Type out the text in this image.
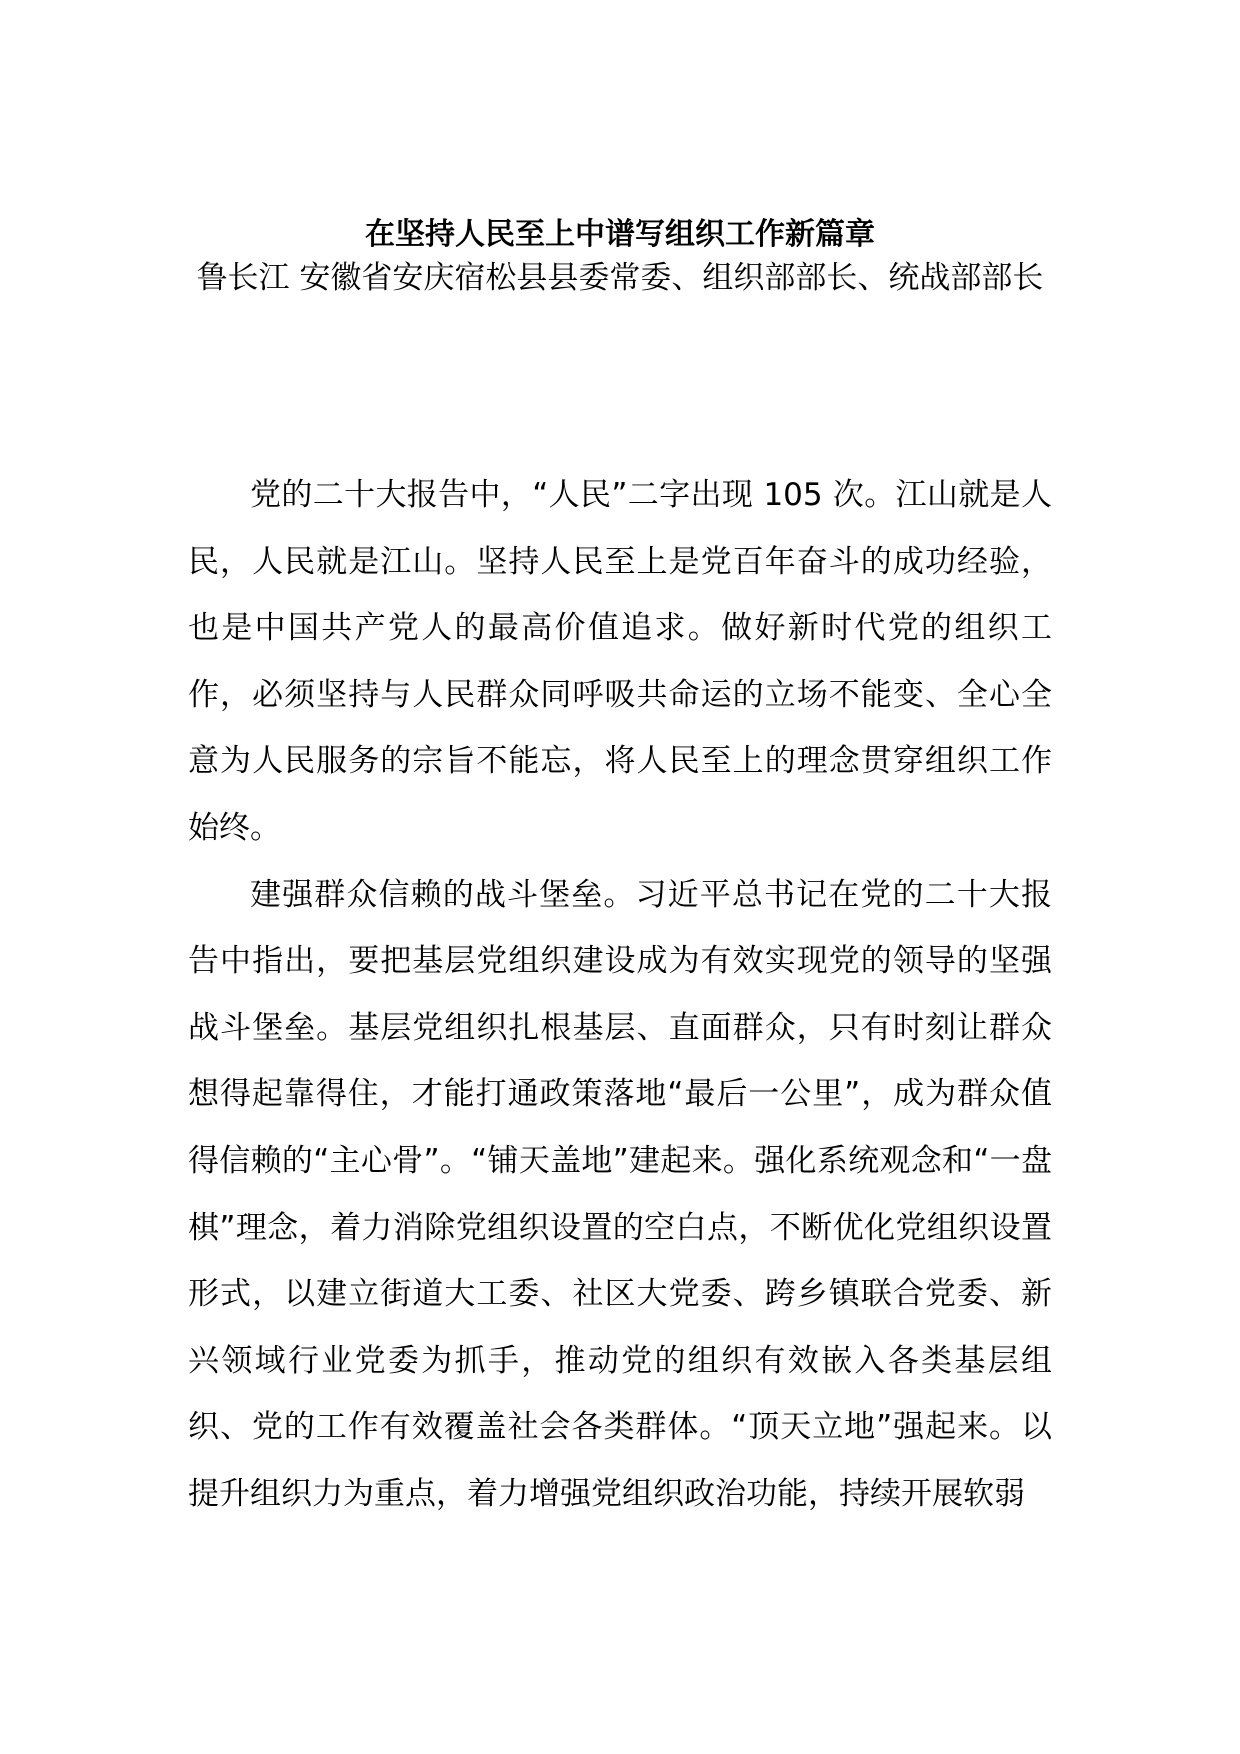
在坚持人民至上中谱写组织工作新篇章

鲁长江 安徽省安庆宿松县县委常委、组织部部长、统战部部长

党的二十大报告中，“人民”二字出现 105 次。江山就是人民，人民就是江山。坚持人民至上是党百年奋斗的成功经验，也是中国共产党人的最高价值追求。做好新时代党的组织工作，必须坚持与人民群众同呼吸共命运的立场不能变、全心全意为人民服务的宗旨不能忘，将人民至上的理念贯穿组织工作始终。

建强群众信赖的战斗堡垒。习近平总书记在党的二十大报告中指出，要把基层党组织建设成为有效实现党的领导的坚强战斗堡垒。基层党组织扎根基层、直面群众，只有时刻让群众想得起靠得住，才能打通政策落地“最后一公里”，成为群众值得信赖的“主心骨”。“铺天盖地”建起来。强化系统观念和“一盘棋”理念，着力消除党组织设置的空白点，不断优化党组织设置形式，以建立街道大工委、社区大党委、跨乡镇联合党委、新兴领域行业党委为抓手，推动党的组织有效嵌入各类基层组织、党的工作有效覆盖社会各类群体。“顶天立地”强起来。以提升组织力为重点，着力增强党组织政治功能，持续开展软弱
